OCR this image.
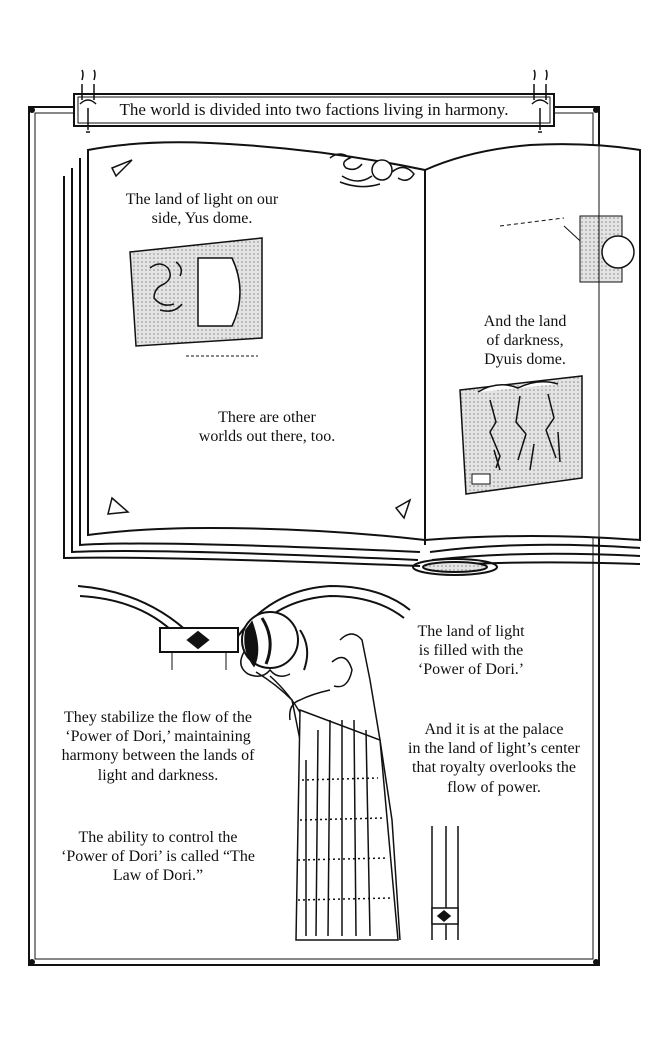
The world is divided into two factions living in harmony.
The land of light on our
side, Yus dome.
And the land
of darkness,
Dyuis dome.
There are other
worlds out there, too.
The land of light
is filled with the
‘Power of Dori.’
They stabilize the flow of the
‘Power of Dori,’ maintaining
harmony between the lands of
light and darkness.
And it is at the palace
in the land of light’s center
that royalty overlooks the
flow of power.
The ability to control the
‘Power of Dori’ is called “The
Law of Dori.”
